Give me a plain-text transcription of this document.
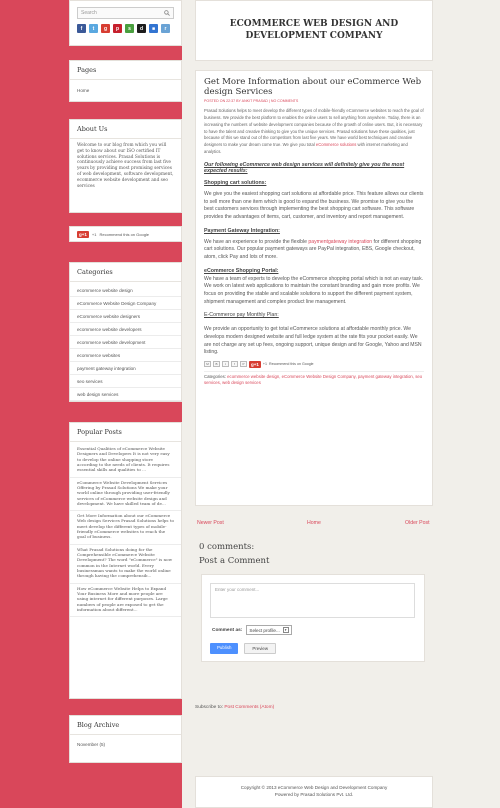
Search
f	t	g	p	s	d	■	r
Pages
Home
About Us
Welcome to our blog from which you will get to know about our ISO certified IT solutions services. Prasad Solutions is continuously achieve success from last five years by providing most promising services of web development, software development, ecommerce website development and seo services
g+1	+1 Recommend this on Google
Categories
ecommerce website design
eCommerce Website Design Company
eCommerce website designers
ecommerce website developers
ecommerce website development
ecommerce websites
payment gateway integration
seo services
web design services
Popular Posts
Essential Qualities of eCommerce Website Designers and Developers It is not very easy to develop the online shopping store according to the needs of clients. It requires essential skills and qualities to ...
eCommerce Website Development Services Offering by Prasad Solutions We make your world online through providing user-friendly services of eCommerce website design and development. We have skilled team of de...
Get More Information about our eCommerce Web design Services Prasad Solutions helps to meet develop the different types of mobile-friendly eCommerce websites to reach the goal of business.
What Prasad Solutions doing for the Comprehensible eCommerce Website Development? The word "eCommerce" is now common in the Internet world. Every businessman wants to make the world online through having the comprehensib...
How eCommerce Website Helps to Expand Your Business More and more people are using internet for different purposes. Large numbers of people are exposed to get the information about different...
Blog Archive
November (5)
ECOMMERCE WEB DESIGN AND DEVELOPMENT COMPANY
Get More Information about our eCommerce Web design Services
POSTED ON 22:37 BY ANKIT PRASAD | NO COMMENTS
Prasad Solutions helps to meet develop the different types of mobile-friendly eCommerce websites to reach the goal of business. We provide the best platform to enables the online users to sell anything from anywhere. Today, there is an increasing the numbers of website development companies because of the growth of online users. But, it is necessary to have the talent and creative thinking to give you the unique services. Prasad solutions have these qualities, just because of this we stand out of the competitors from last five years. We have world best techniques and creative designers to make your dream come true. We give you total eCommerce solutions with internet marketing and analytics.
Our following eCommerce web design services will definitely give you the most expected results:
Shopping cart solutions:
We give you the easiest shopping cart solutions at affordable price. This feature allows our clients to sell more than one item which is good to expand the business. We promise to give you the best customers services through implementing the best shopping cart software. This software provides the advantages of items, cart, customer, and inventory and report management.
Payment Gateway Integration:
We have an experience to provide the flexible paymentgateway integration for different shopping cart solutions. Our popular payment gateways are PayPal integration, EBS, Google checkout, atom, click Pay and lots of more.
eCommerce Shopping Portal:
We have a team of experts to develop the eCommerce shopping portal which is not an easy task. We work on latest web applications to maintain the constant branding and gain more profits. We focus on providing the stable and scalable solutions to support the different payment system, shipment management and complex product line management.
E-Commerce pay Monthly Plan:
We provide an opportunity to get total eCommerce solutions at affordable monthly price. We develops modern designed website and full ledge system at the rate fits your pocket easily. We are not charge any set up fees, ongoing support, unique design and for Google, Yahoo and MSN listing.
M	B	t	f	P	g+1	+1 Recommend this on Google
Categories: ecommerce website design, eCommerce Website Design Company, payment gateway integration, seo services, web design services
Newer Post	Home	Older Post
0 comments:
Post a Comment
Enter your comment...
Comment as: Select profile...	▾
Publish	Preview
Subscribe to: Post Comments (Atom)
Copyright © 2013 eCommerce Web Design and Development Company
Powered by Prasad Solutions Pvt. Ltd.
